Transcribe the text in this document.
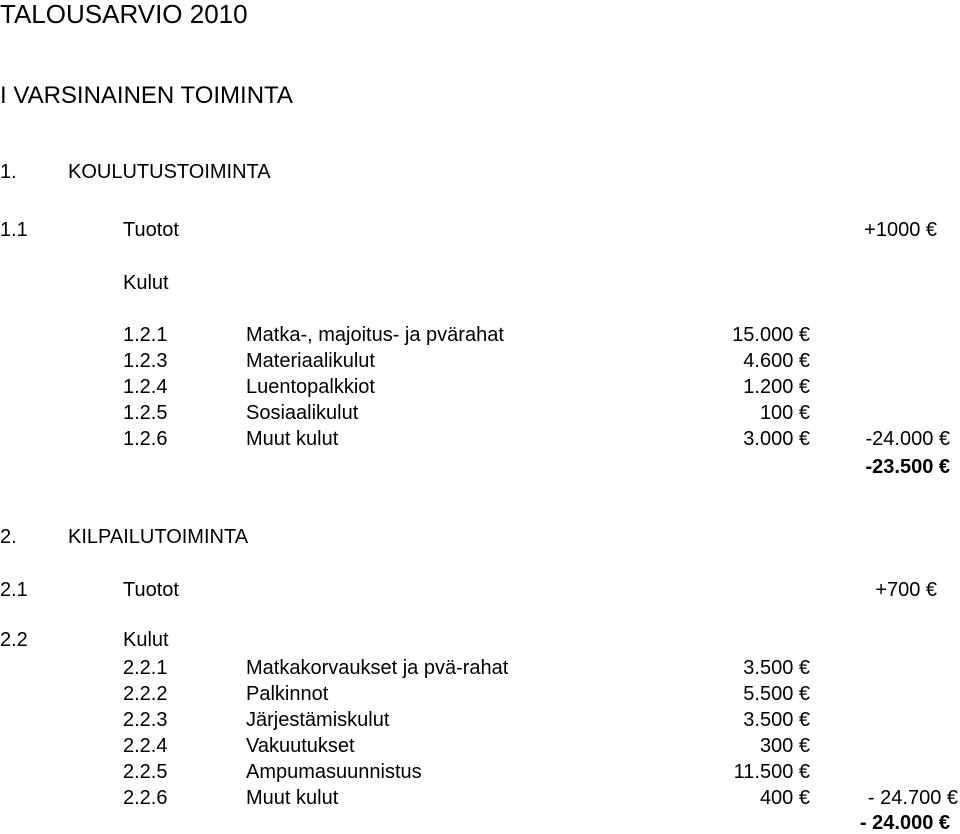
TALOUSARVIO 2010
I VARSINAINEN TOIMINTA
1.	KOULUTUSTOIMINTA
1.1	Tuotot	+1000 €
Kulut
1.2.1	Matka-, majoitus- ja pvärahat	15.000 €
1.2.3	Materiaalikulut	4.600 €
1.2.4	Luentopalkkiot	1.200 €
1.2.5	Sosiaalikulut	100 €
1.2.6	Muut kulut	3.000 €	-24.000 €
-23.500 €
2.	KILPAILUTOIMINTA
2.1	Tuotot	+700 €
2.2	Kulut
2.2.1	Matkakorvaukset ja pvä-rahat	3.500 €
2.2.2	Palkinnot	5.500 €
2.2.3	Järjestämiskulut	3.500 €
2.2.4	Vakuutukset	300 €
2.2.5	Ampumasuunnistus	11.500 €
2.2.6	Muut kulut	400 €	- 24.700 €
- 24.000 €
